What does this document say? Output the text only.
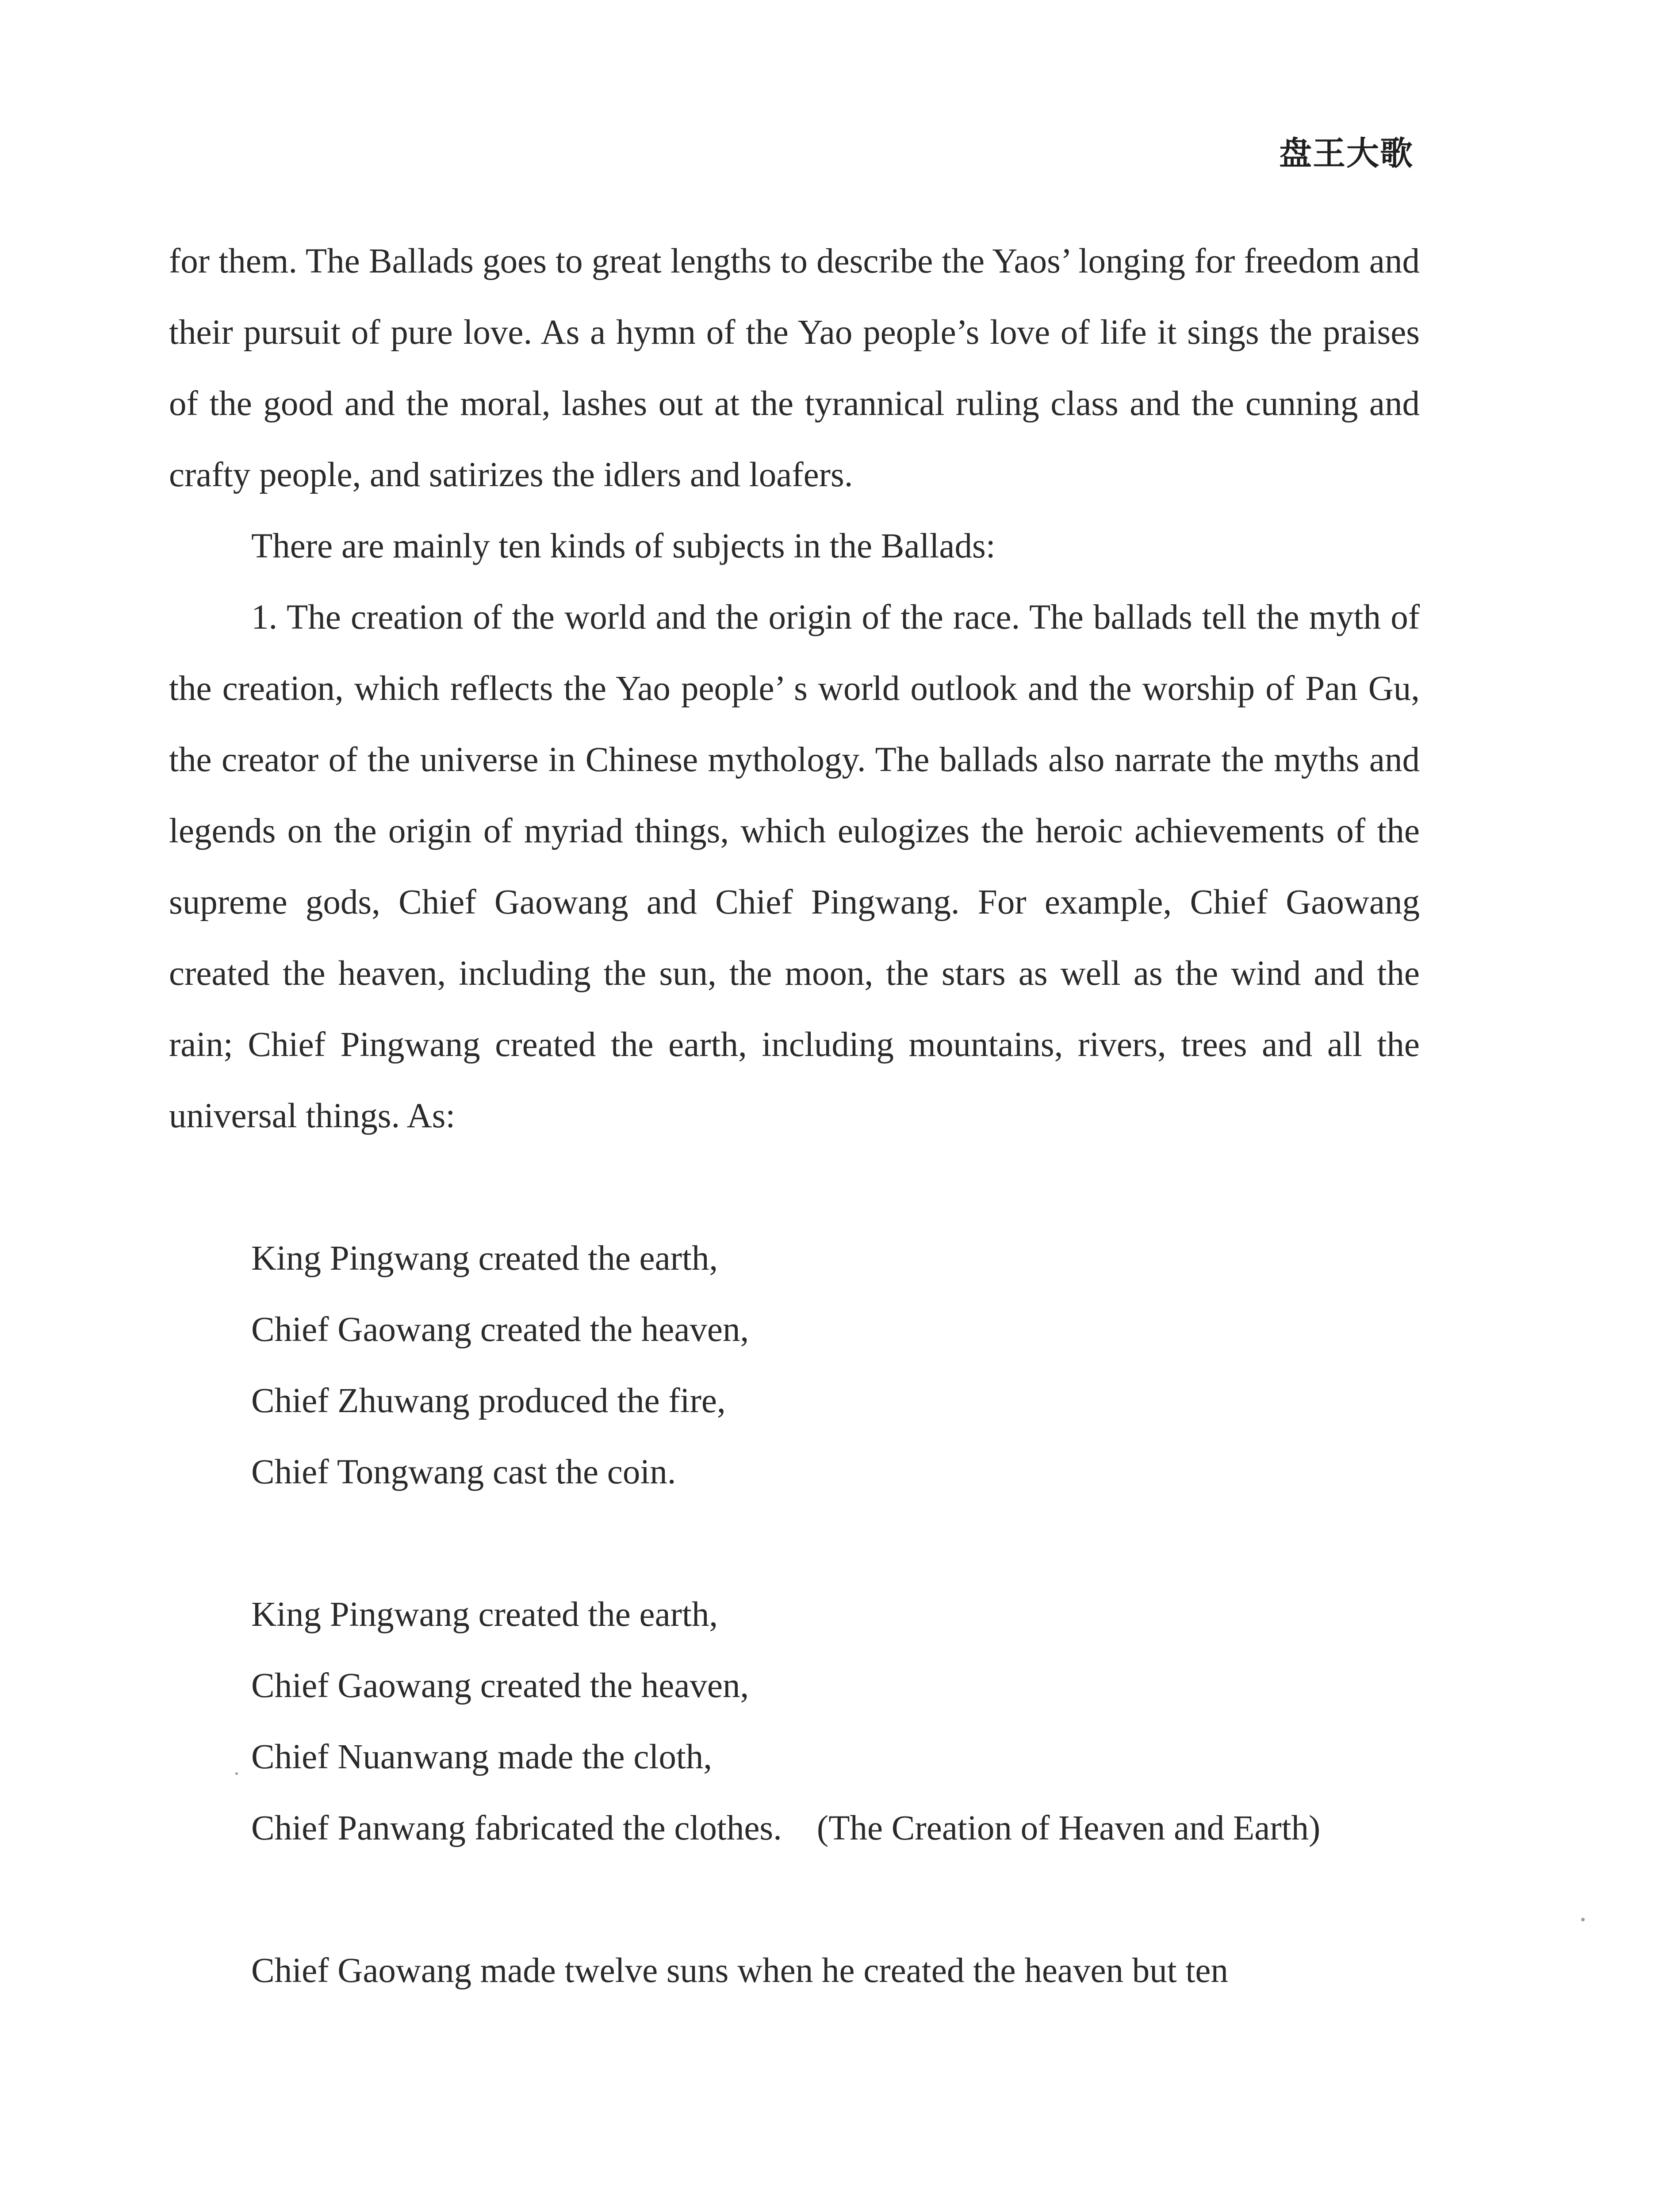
盘王大歌

for them. The Ballads goes to great lengths to describe the Yaos’ longing for freedom and their pursuit of pure love. As a hymn of the Yao people’s love of life it sings the praises of the good and the moral, lashes out at the tyrannical ruling class and the cunning and crafty people, and satirizes the idlers and loafers.

There are mainly ten kinds of subjects in the Ballads:

1. The creation of the world and the origin of the race. The ballads tell the myth of the creation, which reflects the Yao people’ s world outlook and the worship of Pan Gu, the creator of the universe in Chinese mythology. The ballads also narrate the myths and legends on the origin of myriad things, which eulogizes the heroic achievements of the supreme gods, Chief Gaowang and Chief Pingwang. For example, Chief Gaowang created the heaven, including the sun, the moon, the stars as well as the wind and the rain; Chief Pingwang created the earth, including mountains, rivers, trees and all the universal things. As:

King Pingwang created the earth,
Chief Gaowang created the heaven,
Chief Zhuwang produced the fire,
Chief Tongwang cast the coin.
King Pingwang created the earth,
Chief Gaowang created the heaven,
Chief Nuanwang made the cloth,

Chief Panwang fabricated the clothes.　(The Creation of Heaven and Earth)

Chief Gaowang made twelve suns when he created the heaven but ten
